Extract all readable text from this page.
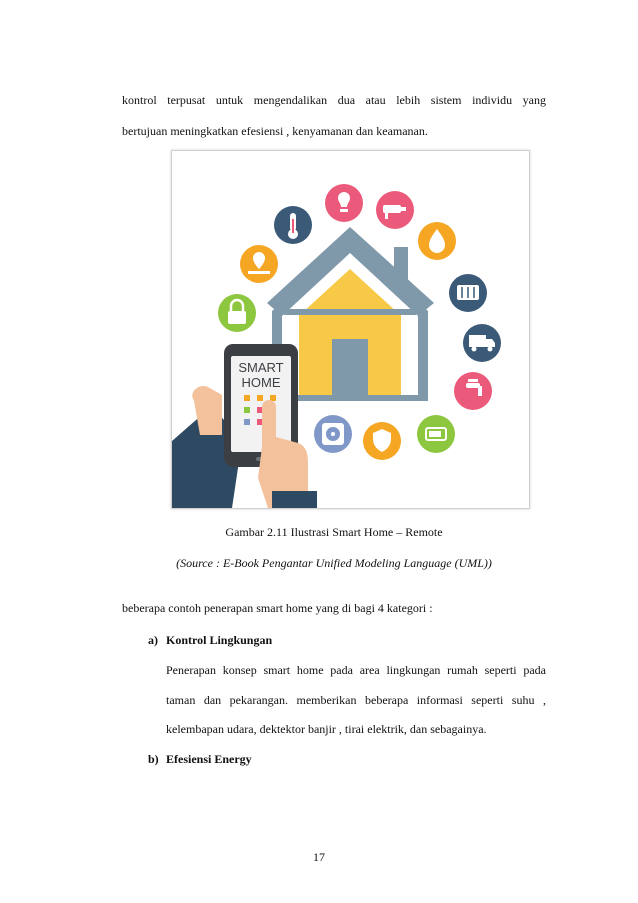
kontrol terpusat untuk mengendalikan dua atau lebih sistem individu yang
bertujuan meningkatkan efesiensi , kenyamanan dan keamanan.
SMART
HOME
Gambar 2.11 Ilustrasi Smart Home – Remote
(Source : E-Book Pengantar Unified Modeling Language (UML))
beberapa contoh penerapan smart home yang di bagi 4 kategori :
a) Kontrol Lingkungan
Penerapan konsep smart home pada area lingkungan rumah seperti pada
taman dan pekarangan. memberikan beberapa informasi seperti suhu ,
kelembapan udara, dektektor banjir , tirai elektrik, dan sebagainya.
b) Efesiensi Energy
17
